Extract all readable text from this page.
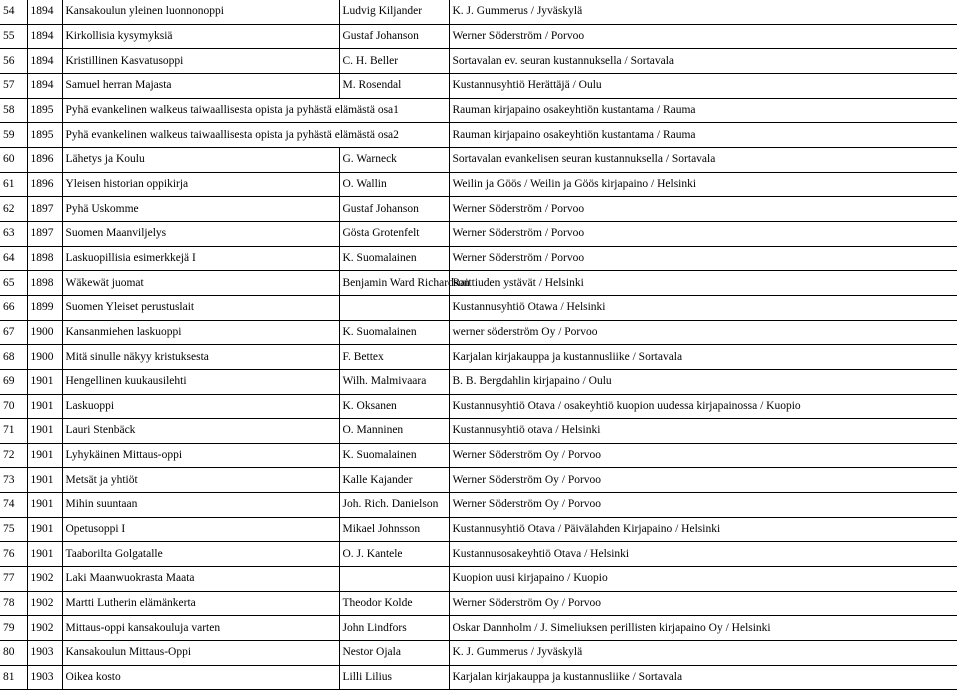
54	1894	Kansakoulun yleinen luonnonoppi	Ludvig Kiljander	K. J. Gummerus / Jyväskylä
55	1894	Kirkollisia kysymyksiä	Gustaf Johanson	Werner Söderström / Porvoo
56	1894	Kristillinen Kasvatusoppi	C. H. Beller	Sortavalan ev. seuran kustannuksella / Sortavala
57	1894	Samuel herran Majasta	M. Rosendal	Kustannusyhtiö Herättäjä / Oulu
58	1895	Pyhä evankelinen walkeus taiwaallisesta opista ja pyhästä elämästä osa1		Rauman kirjapaino osakeyhtiön kustantama / Rauma
59	1895	Pyhä evankelinen walkeus taiwaallisesta opista ja pyhästä elämästä osa2		Rauman kirjapaino osakeyhtiön kustantama / Rauma
60	1896	Lähetys ja Koulu	G. Warneck	Sortavalan evankelisen seuran kustannuksella / Sortavala
61	1896	Yleisen historian oppikirja	O. Wallin	Weilin ja Göös / Weilin ja Göös kirjapaino / Helsinki
62	1897	Pyhä Uskomme	Gustaf Johanson	Werner Söderström / Porvoo
63	1897	Suomen Maanviljelys	Gösta Grotenfelt	Werner Söderström / Porvoo
64	1898	Laskuopillisia esimerkkejä I	K. Suomalainen	Werner Söderström / Porvoo
65	1898	Wäkewät juomat	Benjamin Ward Richardson	Raittiuden ystävät / Helsinki
66	1899	Suomen Yleiset perustuslait		Kustannusyhtiö Otawa / Helsinki
67	1900	Kansanmiehen laskuoppi	K. Suomalainen	werner söderström Oy / Porvoo
68	1900	Mitä sinulle näkyy kristuksesta	F. Bettex	Karjalan kirjakauppa ja kustannusliike / Sortavala
69	1901	Hengellinen kuukausilehti	Wilh. Malmivaara	B. B. Bergdahlin kirjapaino / Oulu
70	1901	Laskuoppi	K. Oksanen	Kustannusyhtiö Otava / osakeyhtiö kuopion uudessa kirjapainossa / Kuopio
71	1901	Lauri Stenbäck	O. Manninen	Kustannusyhtiö otava / Helsinki
72	1901	Lyhykäinen Mittaus-oppi	K. Suomalainen	Werner Söderström Oy / Porvoo
73	1901	Metsät ja yhtiöt	Kalle Kajander	Werner Söderström Oy / Porvoo
74	1901	Mihin suuntaan	Joh. Rich. Danielson	Werner Söderström Oy / Porvoo
75	1901	Opetusoppi I	Mikael Johnsson	Kustannusyhtiö Otava / Päivälahden Kirjapaino / Helsinki
76	1901	Taaborilta Golgatalle	O. J. Kantele	Kustannusosakeyhtiö Otava / Helsinki
77	1902	Laki Maanwuokrasta Maata		Kuopion uusi kirjapaino / Kuopio
78	1902	Martti Lutherin elämänkerta	Theodor Kolde	Werner Söderström Oy / Porvoo
79	1902	Mittaus-oppi kansakouluja varten	John Lindfors	Oskar Dannholm / J. Simeliuksen perillisten kirjapaino Oy / Helsinki
80	1903	Kansakoulun Mittaus-Oppi	Nestor Ojala	K. J. Gummerus / Jyväskylä
81	1903	Oikea kosto	Lilli Lilius	Karjalan kirjakauppa ja kustannusliike / Sortavala
